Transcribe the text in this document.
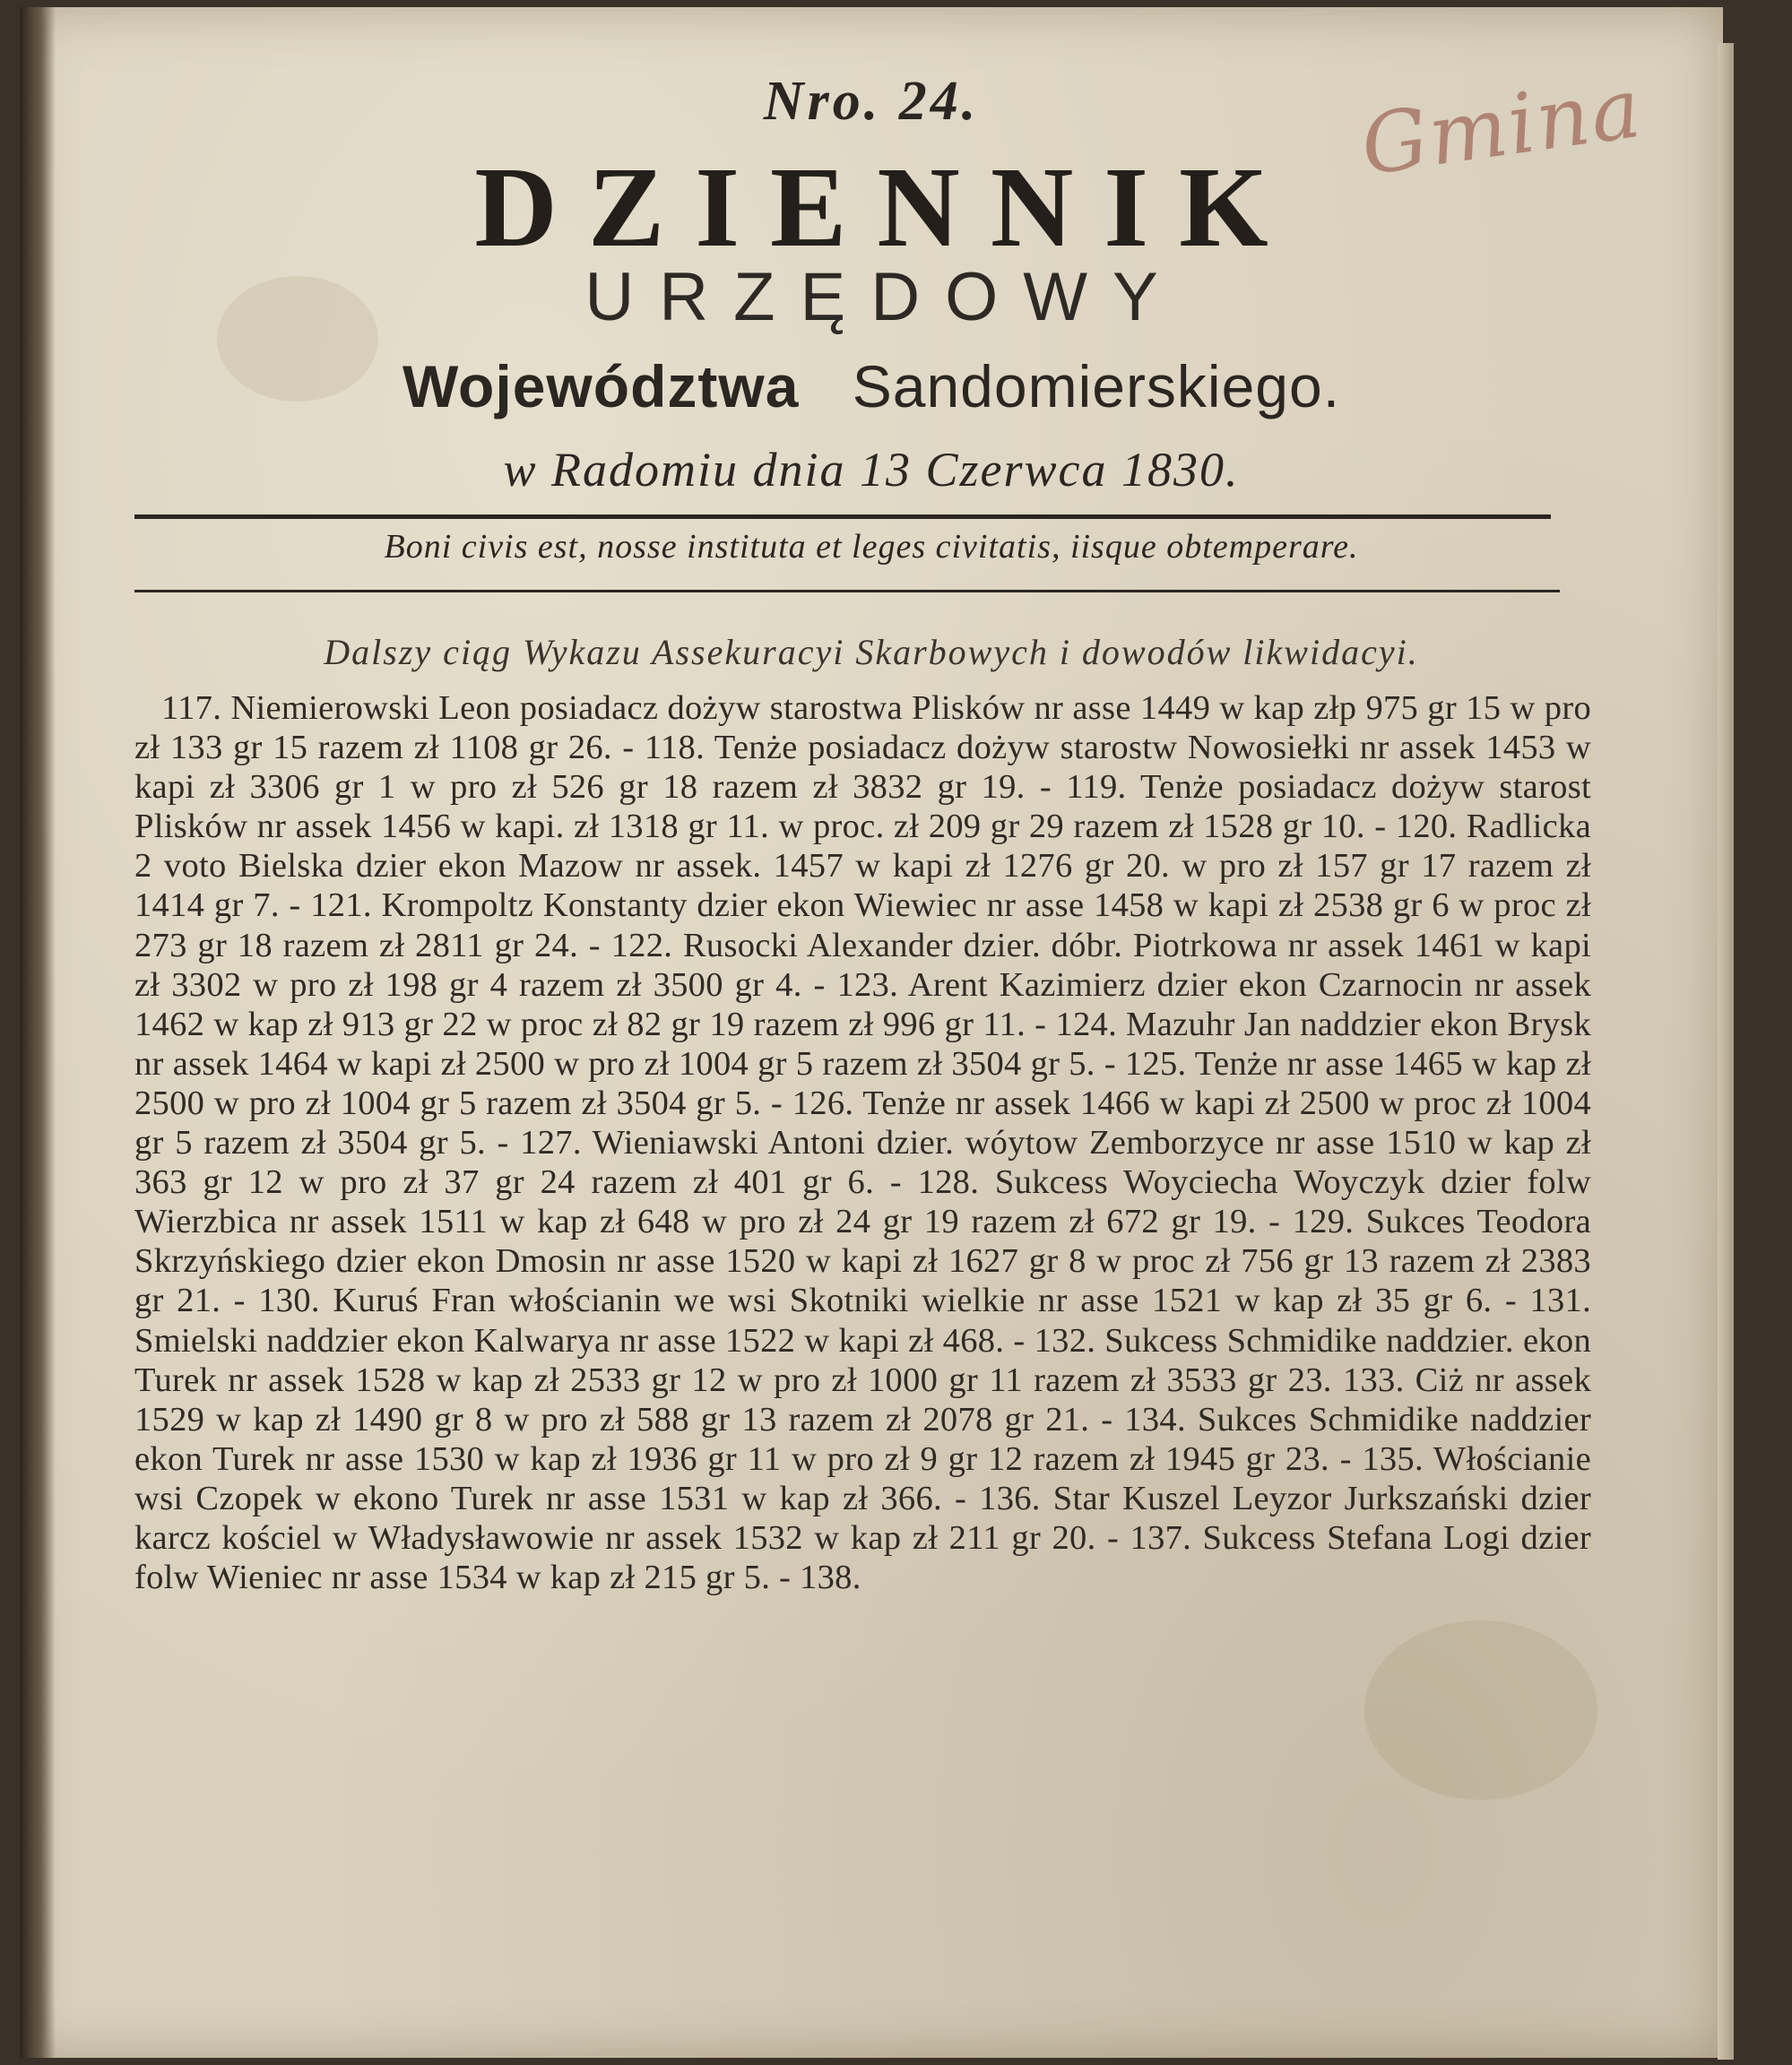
Gmina
Nro. 24.
DZIENNIK
URZĘDOWY
Województwa Sandomierskiego.
w Radomiu dnia 13 Czerwca 1830.
Boni civis est, nosse instituta et leges civitatis, iisque obtemperare.
Dalszy ciąg Wykazu Assekuracyi Skarbowych i dowodów likwidacyi.

117. Niemierowski Leon posiadacz dożyw starostwa Plisków nr asse 1449 w kap złp 975 gr 15 w pro zł 133 gr 15 razem zł 1108 gr 26. - 118. Tenże posiadacz dożyw starostw Nowosiełki nr assek 1453 w kapi zł 3306 gr 1 w pro zł 526 gr 18 razem zł 3832 gr 19. - 119. Tenże posiadacz dożyw starost Plisków nr assek 1456 w kapi. zł 1318 gr 11. w proc. zł 209 gr 29 razem zł 1528 gr 10. - 120. Radlicka 2 voto Bielska dzier ekon Mazow nr assek. 1457 w kapi zł 1276 gr 20. w pro zł 157 gr 17 razem zł 1414 gr 7. - 121. Krompoltz Konstanty dzier ekon Wiewiec nr asse 1458 w kapi zł 2538 gr 6 w proc zł 273 gr 18 razem zł 2811 gr 24. - 122. Rusocki Alexander dzier. dóbr. Piotrkowa nr assek 1461 w kapi zł 3302 w pro zł 198 gr 4 razem zł 3500 gr 4. - 123. Arent Kazimierz dzier ekon Czarnocin nr assek 1462 w kap zł 913 gr 22 w proc zł 82 gr 19 razem zł 996 gr 11. - 124. Mazuhr Jan naddzier ekon Brysk nr assek 1464 w kapi zł 2500 w pro zł 1004 gr 5 razem zł 3504 gr 5. - 125. Tenże nr asse 1465 w kap zł 2500 w pro zł 1004 gr 5 razem zł 3504 gr 5. - 126. Tenże nr assek 1466 w kapi zł 2500 w proc zł 1004 gr 5 razem zł 3504 gr 5. - 127. Wieniawski Antoni dzier. wóytow Zemborzyce nr asse 1510 w kap zł 363 gr 12 w pro zł 37 gr 24 razem zł 401 gr 6. - 128. Sukcess Woyciecha Woyczyk dzier folw Wierzbica nr assek 1511 w kap zł 648 w pro zł 24 gr 19 razem zł 672 gr 19. - 129. Sukces Teodora Skrzyńskiego dzier ekon Dmosin nr asse 1520 w kapi zł 1627 gr 8 w proc zł 756 gr 13 razem zł 2383 gr 21. - 130. Kuruś Fran włościanin we wsi Skotniki wielkie nr asse 1521 w kap zł 35 gr 6. - 131. Smielski naddzier ekon Kalwarya nr asse 1522 w kapi zł 468. - 132. Sukcess Schmidike naddzier. ekon Turek nr assek 1528 w kap zł 2533 gr 12 w pro zł 1000 gr 11 razem zł 3533 gr 23. 133. Ciż nr assek 1529 w kap zł 1490 gr 8 w pro zł 588 gr 13 razem zł 2078 gr 21. - 134. Sukces Schmidike naddzier ekon Turek nr asse 1530 w kap zł 1936 gr 11 w pro zł 9 gr 12 razem zł 1945 gr 23. - 135. Włościanie wsi Czopek w ekono Turek nr asse 1531 w kap zł 366. - 136. Star Kuszel Leyzor Jurkszański dzier karcz kościel w Władysławowie nr assek 1532 w kap zł 211 gr 20. - 137. Sukcess Stefana Logi dzier folw Wieniec nr asse 1534 w kap zł 215 gr 5. - 138.
